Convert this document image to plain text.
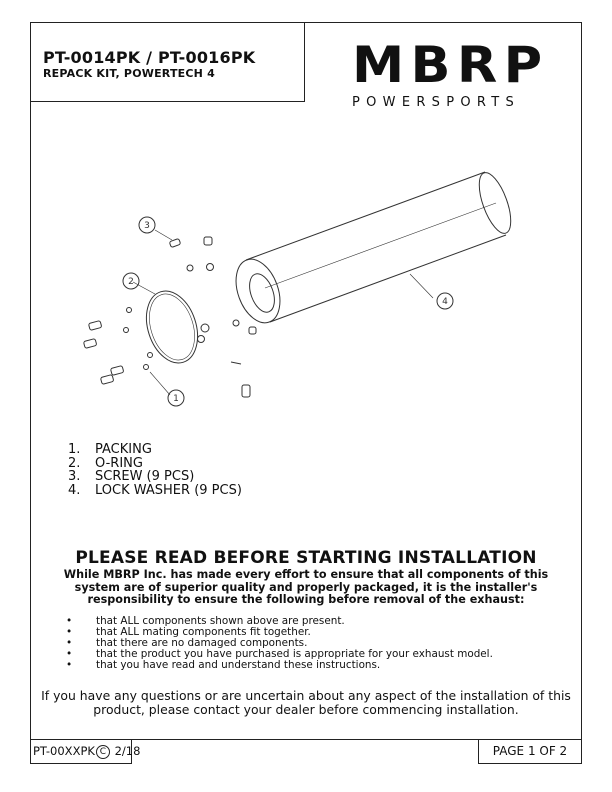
PT-0014PK / PT-0016PK
REPACK KIT, POWERTECH 4	MBRP
POWERSPORTS
4
2
3
1
1.	PACKING
2.	O-RING
3.	SCREW (9 PCS)
4.	LOCK WASHER (9 PCS)
PLEASE READ BEFORE STARTING INSTALLATION
While MBRP Inc. has made every effort to ensure that all components of this system are of superior quality and properly packaged, it is the installer's responsibility to ensure the following before removal of the exhaust:
•	that ALL components shown above are present.
•	that ALL mating components fit together.
•	that there are no damaged components.
•	that the product you have purchased is appropriate for your exhaust model.
•	that you have read and understand these instructions.
If you have any questions or are uncertain about any aspect of the installation of this product, please contact your dealer before commencing installation.
PT-00XXPK C 2/18	PAGE 1 OF 2
